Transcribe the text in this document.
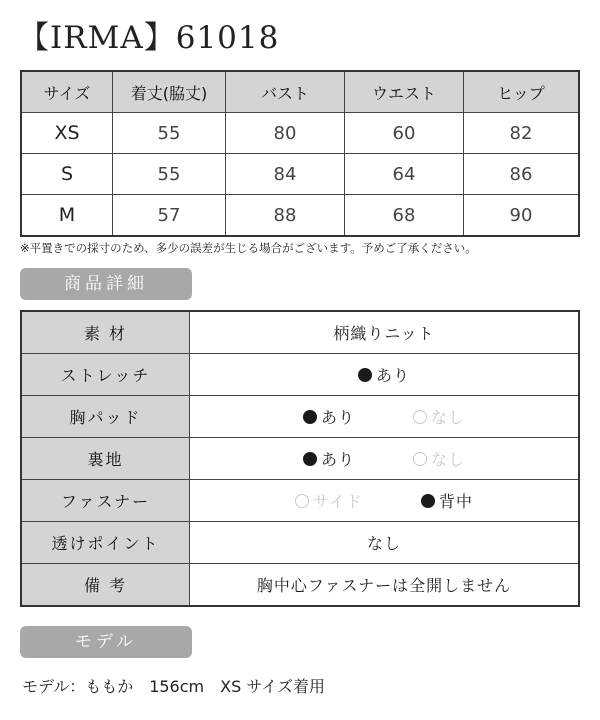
【IRMA】61018
サイズ	着丈(脇丈)	バスト	ウエスト	ヒップ
XS	55	80	60	82
S	55	84	64	86
M	57	88	68	90
※平置きでの採寸のため、多少の誤差が生じる場合がございます。予めご了承ください。
商品詳細
素 材	柄織りニット
ストレッチ	あり
胸パッド	あり なし
裏地	あり なし
ファスナー	サイド 背中
透けポイント	なし
備 考	胸中心ファスナーは全開しません
モデル
モデル：ももか　156cm　XS サイズ着用
